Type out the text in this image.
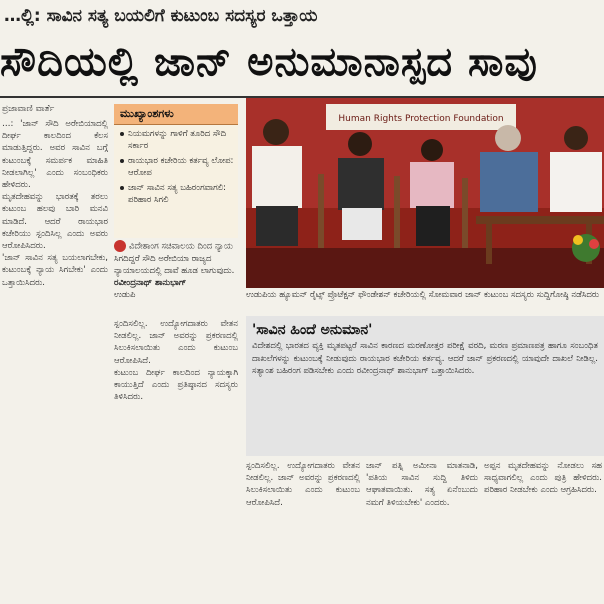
…ಲ್ಲಿ: ಸಾವಿನ ಸತ್ಯ ಬಯಲಿಗೆ ಕುಟುಂಬ ಸದಸ್ಯರ ಒತ್ತಾಯ
ಸೌದಿಯಲ್ಲಿ ಜಾನ್ ಅನುಮಾನಾಸ್ಪದ ಸಾವು
ಪ್ರಜಾವಾಣಿ ವಾರ್ತೆ

…: 'ಜಾನ್ ಸೌದಿ ಅರೇಬಿಯಾದಲ್ಲಿ ದೀರ್ಘ ಕಾಲದಿಂದ ಕೆಲಸ ಮಾಡುತ್ತಿದ್ದರು. ಅವರ ಸಾವಿನ ಬಗ್ಗೆ ಕುಟುಂಬಕ್ಕೆ ಸಮರ್ಪಕ ಮಾಹಿತಿ ನೀಡಲಾಗಿಲ್ಲ' ಎಂದು ಸಂಬಂಧಿಕರು ಹೇಳಿದರು.

ಮೃತದೇಹವನ್ನು ಭಾರತಕ್ಕೆ ತರಲು ಕುಟುಂಬ ಹಲವು ಬಾರಿ ಮನವಿ ಮಾಡಿದೆ. ಆದರೆ ರಾಯಭಾರ ಕಚೇರಿಯು ಸ್ಪಂದಿಸಿಲ್ಲ ಎಂದು ಅವರು ಆರೋಪಿಸಿದರು.

'ಜಾನ್ ಸಾವಿನ ಸತ್ಯ ಬಯಲಾಗಬೇಕು, ಕುಟುಂಬಕ್ಕೆ ನ್ಯಾಯ ಸಿಗಬೇಕು' ಎಂದು ಒತ್ತಾಯಿಸಿದರು.

ಮುಖ್ಯಾಂಶಗಳು
ನಿಯಮಗಳನ್ನು ಗಾಳಿಗೆ ತೂರಿದ ಸೌದಿ ಸರ್ಕಾರ
ರಾಯಭಾರ ಕಚೇರಿಯ ಕರ್ತವ್ಯ ಲೋಪ: ಆರೋಪ
ಜಾನ್ ಸಾವಿನ ಸತ್ಯ ಬಹಿರಂಗವಾಗಲಿ: ಪರಿಹಾರ ಸಿಗಲಿ
ವಿದೇಶಾಂಗ ಸಚಿವಾಲಯ ದಿಂದ ನ್ಯಾಯ ಸಿಗದಿದ್ದರೆ ಸೌದಿ ಅರೇಬಿಯಾ ರಾಜ್ಯದ ನ್ಯಾಯಾಲಯದಲ್ಲಿ ದಾವೆ ಹೂಡ ಲಾಗುವುದು.
ರವೀಂದ್ರನಾಥ್ ಶಾನುಭಾಗ್
ಉಡುಪಿ

ಸ್ಪಂದಿಸಲಿಲ್ಲ. ಉದ್ಯೋಗದಾತರು ವೇತನ ನೀಡಲಿಲ್ಲ. ಜಾನ್ ಅವರನ್ನು ಪ್ರಕರಣದಲ್ಲಿ ಸಿಲುಕಿಸಲಾಯಿತು ಎಂದು ಕುಟುಂಬ ಆರೋಪಿಸಿದೆ.

ಕುಟುಂಬ ದೀರ್ಘ ಕಾಲದಿಂದ ನ್ಯಾಯಕ್ಕಾಗಿ ಕಾಯುತ್ತಿದೆ ಎಂದು ಪ್ರತಿಷ್ಠಾನದ ಸದಸ್ಯರು ತಿಳಿಸಿದರು.

Human Rights Protection Foundation
ಉಡುಪಿಯ ಹ್ಯೂಮನ್ ರೈಟ್ಸ್ ಪ್ರೊಟೆಕ್ಷನ್ ಫೌಂಡೇಶನ್ ಕಚೇರಿಯಲ್ಲಿ ಸೋಮವಾರ ಜಾನ್ ಕುಟುಂಬ ಸದಸ್ಯರು ಸುದ್ದಿಗೋಷ್ಠಿ ನಡೆಸಿದರು
'ಸಾವಿನ ಹಿಂದೆ ಅನುಮಾನ'
ವಿದೇಶದಲ್ಲಿ ಭಾರತದ ವ್ಯಕ್ತಿ ಮೃತಪಟ್ಟರೆ ಸಾವಿನ ಕಾರಣದ ಮರಣೋತ್ತರ ಪರೀಕ್ಷೆ ವರದಿ, ಮರಣ ಪ್ರಮಾಣಪತ್ರ ಹಾಗೂ ಸಂಬಂಧಿತ ದಾಖಲೆಗಳನ್ನು ಕುಟುಂಬಕ್ಕೆ ನೀಡುವುದು ರಾಯಭಾರ ಕಚೇರಿಯ ಕರ್ತವ್ಯ. ಆದರೆ ಜಾನ್ ಪ್ರಕರಣದಲ್ಲಿ ಯಾವುದೇ ದಾಖಲೆ ನೀಡಿಲ್ಲ. ಸತ್ಯಾಂಶ ಬಹಿರಂಗ ಪಡಿಸಬೇಕು ಎಂದು ರವೀಂದ್ರನಾಥ್ ಶಾನುಭಾಗ್ ಒತ್ತಾಯಿಸಿದರು.

ಸ್ಪಂದಿಸಲಿಲ್ಲ. ಉದ್ಯೋಗದಾತರು ವೇತನ ನೀಡಲಿಲ್ಲ. ಜಾನ್ ಅವರನ್ನು ಪ್ರಕರಣದಲ್ಲಿ ಸಿಲುಕಿಸಲಾಯಿತು ಎಂದು ಕುಟುಂಬ ಆರೋಪಿಸಿದೆ.

ಜಾನ್ ಪತ್ನಿ ಅಮೀನಾ ಮಾತನಾಡಿ, 'ಪತಿಯ ಸಾವಿನ ಸುದ್ದಿ ತಿಳಿದು ಆಘಾತವಾಯಿತು. ಸತ್ಯ ಏನೆಂಬುದು ನಮಗೆ ತಿಳಿಯಬೇಕು' ಎಂದರು.

ಅಪ್ಪನ ಮೃತದೇಹವನ್ನು ನೋಡಲು ಸಹ ಸಾಧ್ಯವಾಗಲಿಲ್ಲ ಎಂದು ಪುತ್ರಿ ಹೇಳಿದರು. ಪರಿಹಾರ ನೀಡಬೇಕು ಎಂದು ಆಗ್ರಹಿಸಿದರು.
